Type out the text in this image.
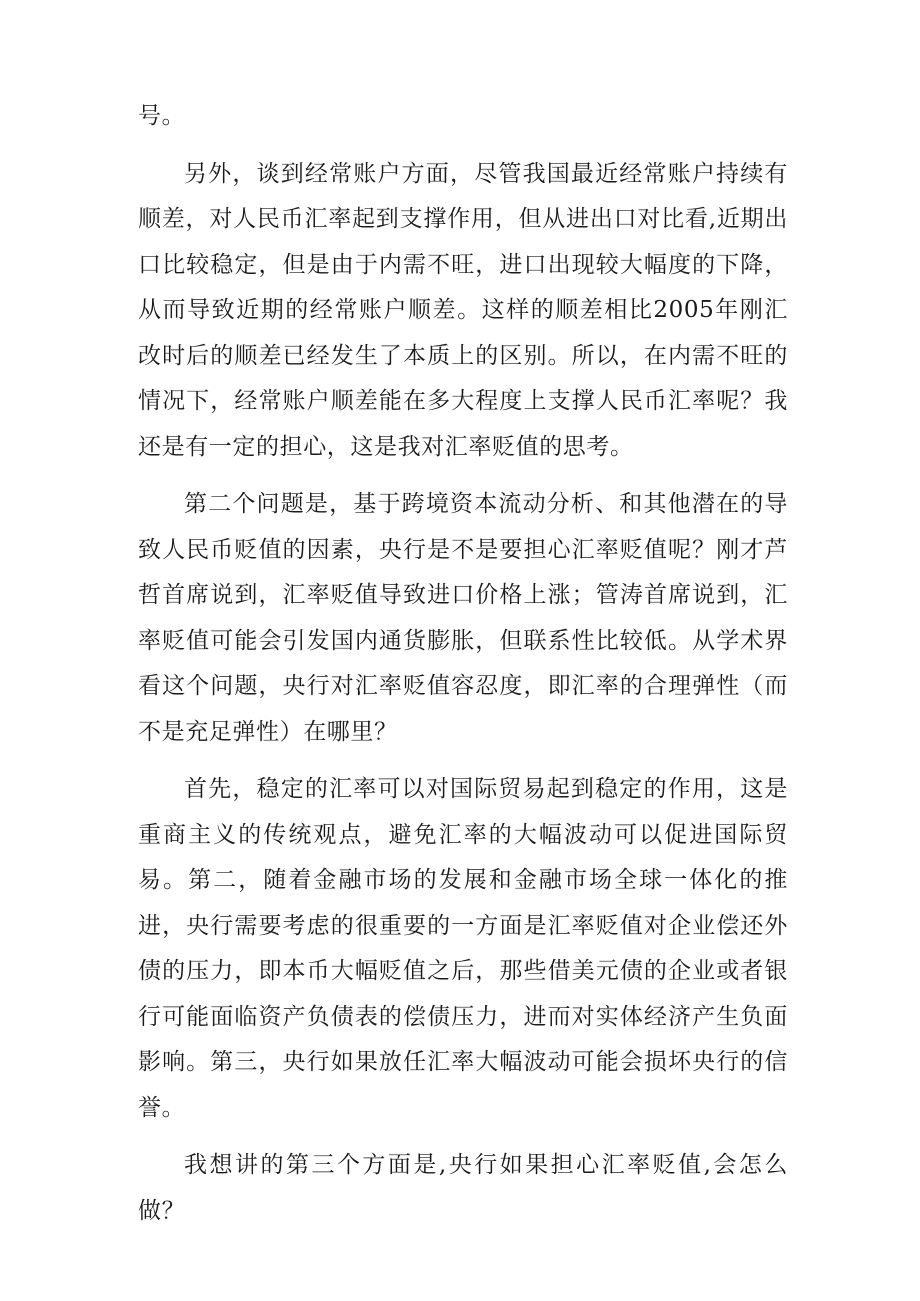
号。

另外，谈到经常账户方面，尽管我国最近经常账户持续有顺差，对人民币汇率起到支撑作用，但从进出口对比看,近期出口比较稳定，但是由于内需不旺，进口出现较大幅度的下降，从而导致近期的经常账户顺差。这样的顺差相比2005年刚汇改时后的顺差已经发生了本质上的区别。所以，在内需不旺的情况下，经常账户顺差能在多大程度上支撑人民币汇率呢？我还是有一定的担心，这是我对汇率贬值的思考。

第二个问题是，基于跨境资本流动分析、和其他潜在的导致人民币贬值的因素，央行是不是要担心汇率贬值呢？刚才芦哲首席说到，汇率贬值导致进口价格上涨；管涛首席说到，汇率贬值可能会引发国内通货膨胀，但联系性比较低。从学术界看这个问题，央行对汇率贬值容忍度，即汇率的合理弹性（而不是充足弹性）在哪里？

首先，稳定的汇率可以对国际贸易起到稳定的作用，这是重商主义的传统观点，避免汇率的大幅波动可以促进国际贸易。第二，随着金融市场的发展和金融市场全球一体化的推进，央行需要考虑的很重要的一方面是汇率贬值对企业偿还外债的压力，即本币大幅贬值之后，那些借美元债的企业或者银行可能面临资产负债表的偿债压力，进而对实体经济产生负面影响。第三，央行如果放任汇率大幅波动可能会损坏央行的信誉。

我想讲的第三个方面是,央行如果担心汇率贬值,会怎么做？
